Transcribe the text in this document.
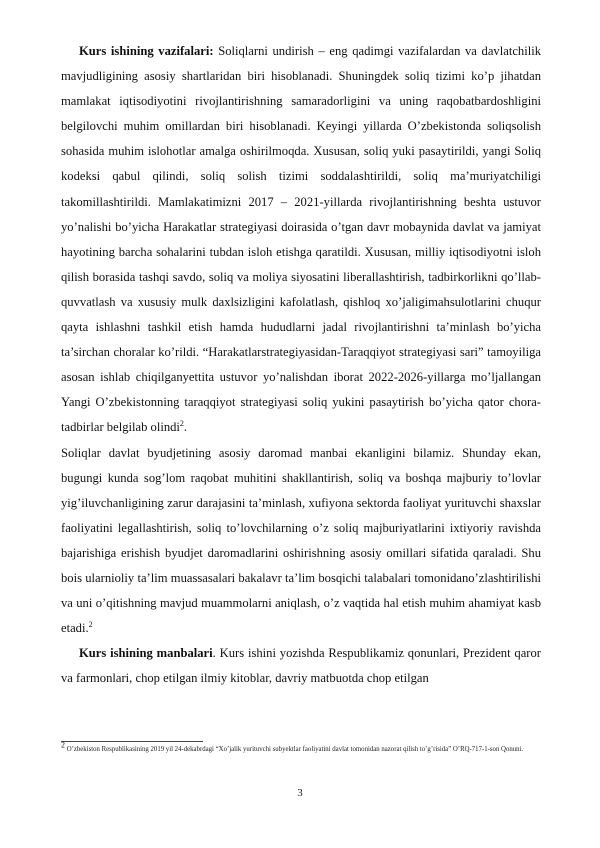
Kurs ishining vazifalari: Soliqlarni undirish – eng qadimgi vazifalardan va davlatchilik mavjudligining asosiy shartlaridan biri hisoblanadi. Shuningdek soliq tizimi ko’p jihatdan mamlakat iqtisodiyotini rivojlantirishning samaradorligini va uning raqobatbardoshligini belgilovchi muhim omillardan biri hisoblanadi. Keyingi yillarda O’zbekistonda soliqsolish sohasida muhim islohotlar amalga oshirilmoqda. Xususan, soliq yuki pasaytirildi, yangi Soliq kodeksi qabul qilindi, soliq solish tizimi soddalashtirildi, soliq ma’muriyatchiligi takomillashtirildi. Mamlakatimizni 2017 – 2021-yillarda rivojlantirishning beshta ustuvor yo’nalishi bo’yicha Harakatlar strategiyasi doirasida o’tgan davr mobaynida davlat va jamiyat hayotining barcha sohalarini tubdan isloh etishga qaratildi. Xususan, milliy iqtisodiyotni isloh qilish borasida tashqi savdo, soliq va moliya siyosatini liberallashtirish, tadbirkorlikni qo’llab-quvvatlash va xususiy mulk daxlsizligini kafolatlash, qishloq xo’jaligimahsulotlarini chuqur qayta ishlashni tashkil etish hamda hududlarni jadal rivojlantirishni ta’minlash bo’yicha ta’sirchan choralar ko’rildi. “Harakatlarstrategiyasidan-Taraqqiyot strategiyasi sari” tamoyiliga asosan ishlab chiqilganyettita ustuvor yo’nalishdan iborat 2022-2026-yillarga mo’ljallangan Yangi O’zbekistonning taraqqiyot strategiyasi soliq yukini pasaytirish bo’yicha qator chora-tadbirlar belgilab olindi$^2$.

Soliqlar davlat byudjetining asosiy daromad manbai ekanligini bilamiz. Shunday ekan, bugungi kunda sog’lom raqobat muhitini shakllantirish, soliq va boshqa majburiy to’lovlar yig’iluvchanligining zarur darajasini ta’minlash, xufiyona sektorda faoliyat yurituvchi shaxslar faoliyatini legallashtirish, soliq to’lovchilarning o’z soliq majburiyatlarini ixtiyoriy ravishda bajarishiga erishish byudjet daromadlarini oshirishning asosiy omillari sifatida qaraladi. Shu bois ularnioliy ta’lim muassasalari bakalavr ta’lim bosqichi talabalari tomonidano’zlashtirilishi va uni o’qitishning mavjud muammolarni aniqlash, o’z vaqtida hal etish muhim ahamiyat kasb etadi.$^2$

Kurs ishining manbalari. Kurs ishini yozishda Respublikamiz qonunlari, Prezident qaror va farmonlari, chop etilgan ilmiy kitoblar, davriy matbuotda chop etilgan

$^2$ O’zbekiston Respublikasining 2019 yil 24-dekabrdagi “Xo’jalik yurituvchi subyektlar faoliyatini davlat tomonidan nazorat qilish to’g’risida” O’RQ-717-1-son Qonuni.
3
